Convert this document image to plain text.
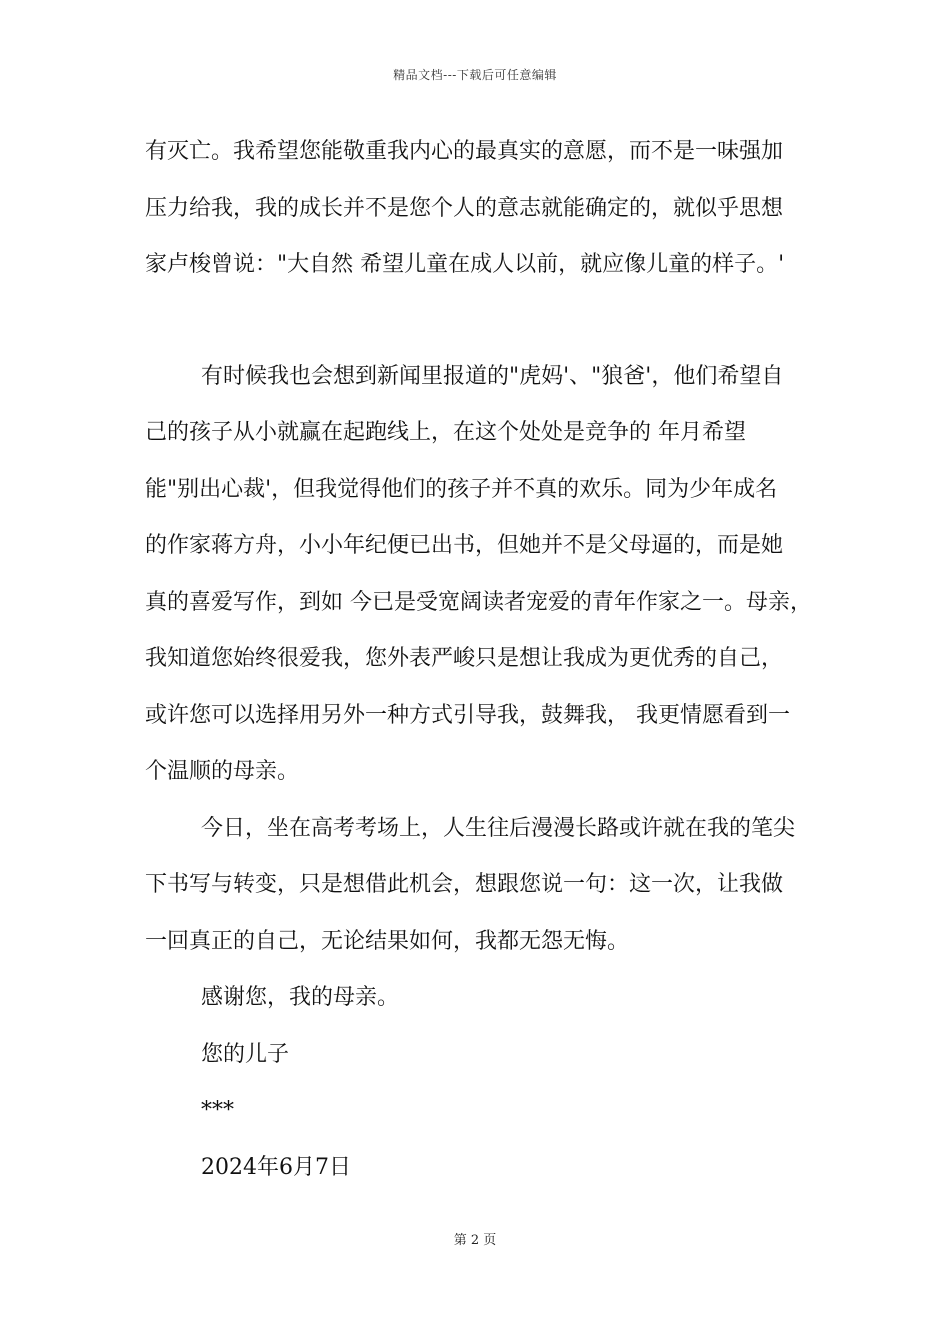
精品文档---下载后可任意编辑
有灭亡。我希望您能敬重我内心的最真实的意愿，而不是一味强加
压力给我，我的成长并不是您个人的意志就能确定的，就似乎思想
家卢梭曾说："大自然 希望儿童在成人以前，就应像儿童的样子。'
有时候我也会想到新闻里报道的"虎妈'、"狼爸'，他们希望自
己的孩子从小就赢在起跑线上，在这个处处是竞争的 年月希望
能"别出心裁'，但我觉得他们的孩子并不真的欢乐。同为少年成名
的作家蒋方舟，小小年纪便已出书，但她并不是父母逼的，而是她
真的喜爱写作，到如 今已是受宽阔读者宠爱的青年作家之一。母亲，
我知道您始终很爱我，您外表严峻只是想让我成为更优秀的自己，
或许您可以选择用另外一种方式引导我，鼓舞我， 我更情愿看到一
个温顺的母亲。
今日，坐在高考考场上，人生往后漫漫长路或许就在我的笔尖
下书写与转变，只是想借此机会，想跟您说一句：这一次，让我做
一回真正的自己，无论结果如何，我都无怨无悔。
感谢您，我的母亲。
您的儿子
***
2024年6月7日
第 2 页
